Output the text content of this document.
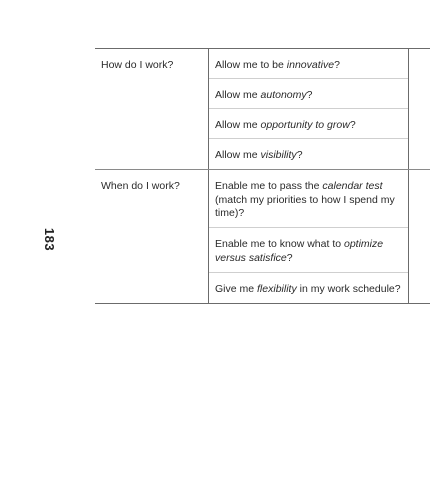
183
How do I work?	Allow me to be innovative?
Allow me autonomy?
Allow me opportunity to grow?
Allow me visibility?
When do I work?	Enable me to pass the calendar test (match my priorities to how I spend my time)?
Enable me to know what to optimize versus satisfice?
Give me flexibility in my work schedule?
